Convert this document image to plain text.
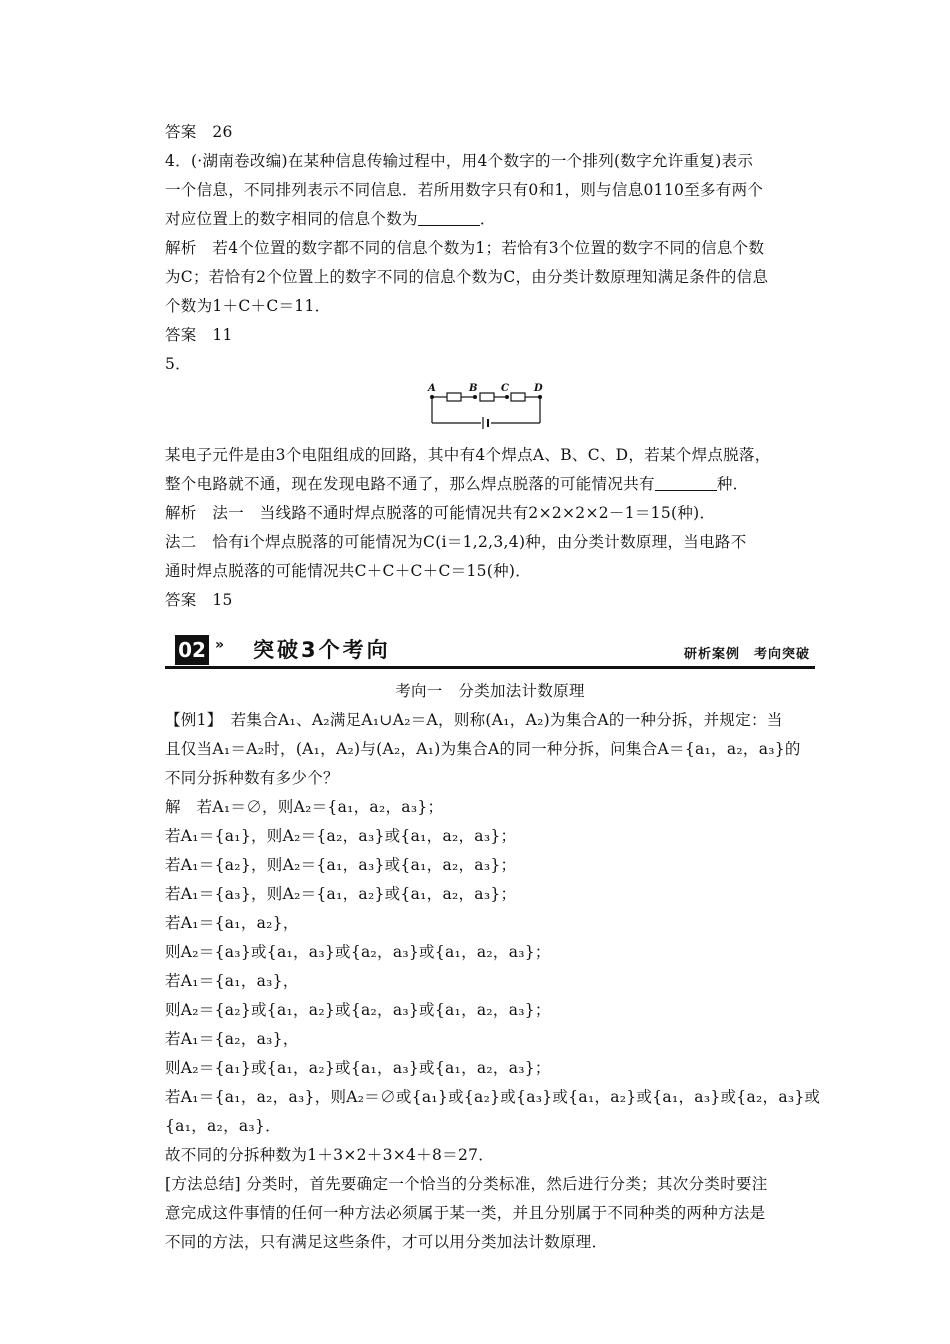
答案　26
4．(·湖南卷改编)在某种信息传输过程中，用4个数字的一个排列(数字允许重复)表示
一个信息，不同排列表示不同信息．若所用数字只有0和1，则与信息0110至多有两个
对应位置上的数字相同的信息个数为	．
解析　若4个位置的数字都不同的信息个数为1；若恰有3个位置的数字不同的信息个数
为C；若恰有2个位置上的数字不同的信息个数为C，由分类计数原理知满足条件的信息
个数为1＋C＋C＝11．
答案　11
5．
A	B C	D
某电子元件是由3个电阻组成的回路，其中有4个焊点A、B、C、D，若某个焊点脱落，
整个电路就不通，现在发现电路不通了，那么焊点脱落的可能情况共有	种．
解析　法一　当线路不通时焊点脱落的可能情况共有2×2×2×2－1＝15(种)．
法二　恰有i个焊点脱落的可能情况为C(i＝1,2,3,4)种，由分类计数原理，当电路不
通时焊点脱落的可能情况共C＋C＋C＋C＝15(种)．
答案　15
02 » 突破3个考向	研析案例　考向突破
考向一　分类加法计数原理
【例1】　若集合A₁、A₂满足A₁∪A₂＝A，则称(A₁，A₂)为集合A的一种分拆，并规定：当
且仅当A₁＝A₂时，(A₁，A₂)与(A₂，A₁)为集合A的同一种分拆，问集合A＝{a₁，a₂，a₃}的
不同分拆种数有多少个？
解　若A₁＝∅，则A₂＝{a₁，a₂，a₃}；
若A₁＝{a₁}，则A₂＝{a₂，a₃}或{a₁，a₂，a₃}；
若A₁＝{a₂}，则A₂＝{a₁，a₃}或{a₁，a₂，a₃}；
若A₁＝{a₃}，则A₂＝{a₁，a₂}或{a₁，a₂，a₃}；
若A₁＝{a₁，a₂}，
则A₂＝{a₃}或{a₁，a₃}或{a₂，a₃}或{a₁，a₂，a₃}；
若A₁＝{a₁，a₃}，
则A₂＝{a₂}或{a₁，a₂}或{a₂，a₃}或{a₁，a₂，a₃}；
若A₁＝{a₂，a₃}，
则A₂＝{a₁}或{a₁，a₂}或{a₁，a₃}或{a₁，a₂，a₃}；
若A₁＝{a₁，a₂，a₃}，则A₂＝∅或{a₁}或{a₂}或{a₃}或{a₁，a₂}或{a₁，a₃}或{a₂，a₃}或
{a₁，a₂，a₃}．
故不同的分拆种数为1＋3×2＋3×4＋8＝27．
[方法总结] 分类时，首先要确定一个恰当的分类标准，然后进行分类；其次分类时要注
意完成这件事情的任何一种方法必须属于某一类，并且分别属于不同种类的两种方法是
不同的方法，只有满足这些条件，才可以用分类加法计数原理．
